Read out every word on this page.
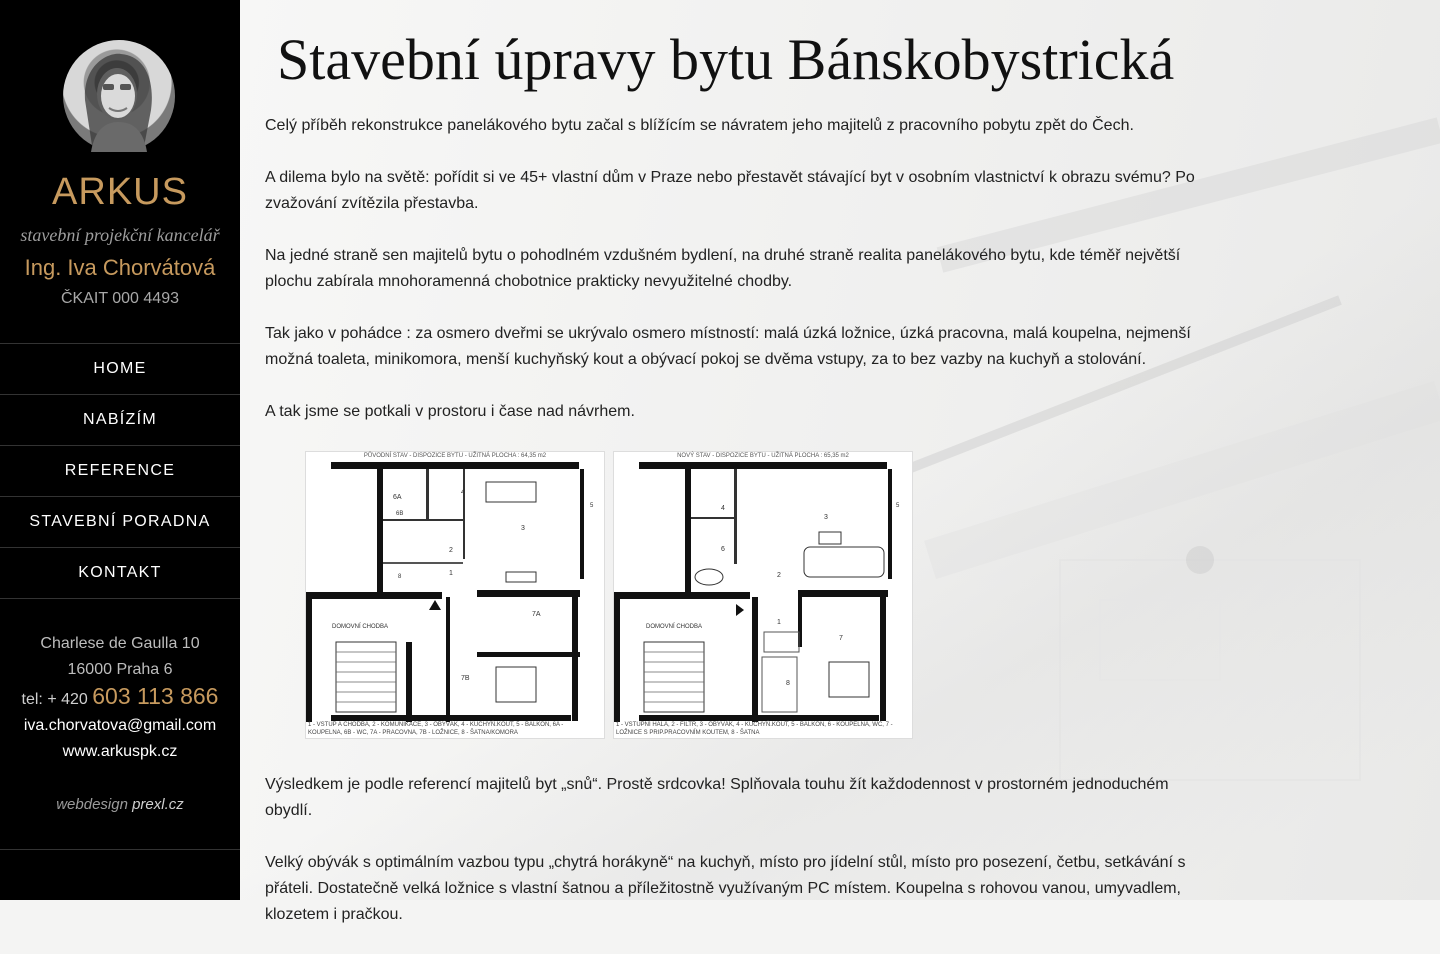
ARKUS
stavební projekční kancelář
Ing. Iva Chorvátová
ČKAIT 000 4493
HOME
NABÍZÍM
REFERENCE
STAVEBNÍ PORADNA
KONTAKT
Charlese de Gaulla 10
16000 Praha 6
tel: + 420 603 113 866
iva.chorvatova@gmail.com
www.arkuspk.cz
webdesign prexl.cz
Stavební úpravy bytu Bánskobystrická

Celý příběh rekonstrukce panelákového bytu začal s blížícím se návratem jeho majitelů z pracovního pobytu zpět do Čech.

A dilema bylo na světě: pořídit si ve 45+ vlastní dům v Praze nebo přestavět stávající byt v osobním vlastnictví k obrazu svému? Po zvažování zvítězila přestavba.

Na jedné straně sen majitelů bytu o pohodlném vzdušném bydlení, na druhé straně realita panelákového bytu, kde téměř největší plochu zabírala mnohoramenná chobotnice prakticky nevyužitelné chodby.

Tak jako v pohádce : za osmero dveřmi se ukrývalo osmero místností: malá úzká ložnice, úzká pracovna, malá koupelna, nejmenší možná toaleta, minikomora, menší kuchyňský kout a obývací pokoj se dvěma vstupy, za to bez vazby na kuchyň a stolování.

A tak jsme se potkali v prostoru i čase nad návrhem.

PŮVODNÍ STAV - DISPOZICE BYTU - UŽITNÁ PLOCHA : 64,35 m2
6A
6B
4
3
2
1
8
7A
7B
5
DOMOVNÍ CHODBA
1 - VSTUP A CHODBA, 2 - KOMUNIKACE, 3 - OBÝVÁK, 4 - KUCHYŇ.KOUT, 5 - BALKON, 6A - KOUPELNA, 6B - WC, 7A - PRACOVNA, 7B - LOŽNICE, 8 - ŠATNA/KOMORA
NOVÝ STAV - DISPOZICE BYTU - UŽITNÁ PLOCHA : 65,35 m2
4
3
6
2
1
8
7
5
DOMOVNÍ CHODBA
1 - VSTUPNÍ HALA, 2 - FILTR, 3 - OBÝVÁK, 4 - KUCHYŇ.KOUT, 5 - BALKON, 6 - KOUPELNA, WC, 7 - LOŽNICE S PRIP.PRACOVNÍM KOUTEM, 8 - ŠATNA

Výsledkem je podle referencí majitelů byt „snů“. Prostě srdcovka! Splňovala touhu žít každodennost v prostorném jednoduchém obydlí.

Velký obývák s optimálním vazbou typu „chytrá horákyně“ na kuchyň, místo pro jídelní stůl, místo pro posezení, četbu, setkávání s přáteli. Dostatečně velká ložnice s vlastní šatnou a příležitostně využívaným PC místem. Koupelna s rohovou vanou, umyvadlem, klozetem i pračkou.
